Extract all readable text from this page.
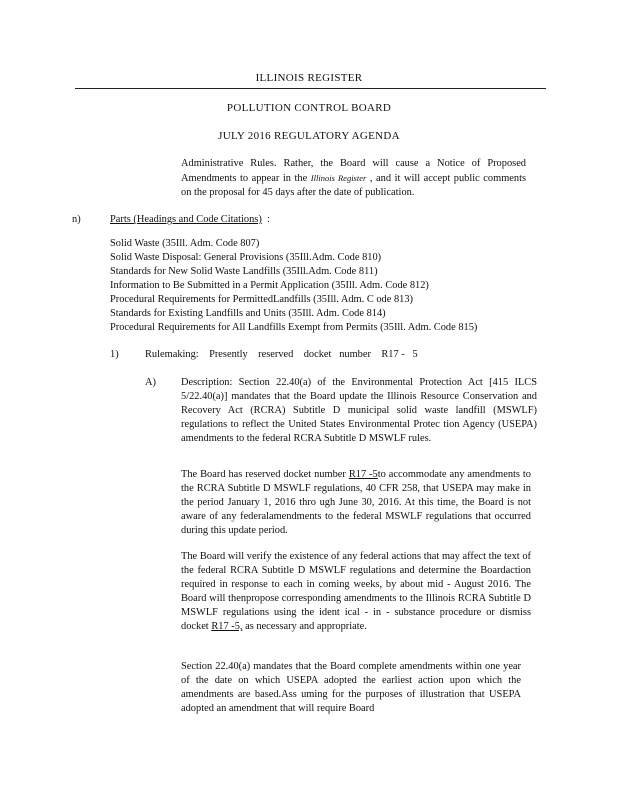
ILLINOIS REGISTER
POLLUTION CONTROL BOARD
JULY 2016 REGULATORY AGENDA
Administrative Rules. Rather, the Board will cause a Notice of Proposed Amendments to appear in the Illinois Register , and it will accept public comments on the proposal for 45 days after the date of publication.
n)	Parts (Headings and Code Citations)  :
Solid Waste (35Ill. Adm. Code 807)
Solid Waste Disposal: General Provisions (35Ill.Adm. Code 810)
Standards for New Solid Waste Landfills (35Ill.Adm. Code 811)
Information to Be Submitted in a Permit Application (35Ill. Adm. Code 812)
Procedural Requirements for PermittedLandfills (35Ill. Adm. C ode 813)
Standards for Existing Landfills and Units (35Ill. Adm. Code 814)
Procedural Requirements for All Landfills Exempt from Permits (35Ill. Adm. Code 815)
1)	Rulemaking:    Presently    reserved    docket   number    R17 -   5
A) Description: Section 22.40(a) of the Environmental Protection Act [415 ILCS 5/22.40(a)] mandates that the Board update the Illinois Resource Conservation and Recovery Act (RCRA) Subtitle D municipal solid waste landfill (MSWLF) regulations to reflect the United States Environmental Protec tion Agency (USEPA) amendments to the federal RCRA Subtitle D MSWLF rules.
The Board has reserved docket number R17 -5to accommodate any amendments to the RCRA Subtitle D MSWLF regulations, 40 CFR 258, that USEPA may make in the period January 1, 2016 thro ugh June 30, 2016. At this time, the Board is not aware of any federalamendments to the federal MSWLF regulations that occurred during this update period.
The Board will verify the existence of any federal actions that may affect the text of the federal RCRA Subtitle D MSWLF regulations and determine the Boardaction required in response to each in coming weeks, by about mid - August 2016. The Board will thenpropose corresponding amendments to the Illinois RCRA Subtitle D MSWLF regulations using the ident ical - in - substance procedure or dismiss docket R17 -5, as necessary and appropriate.
Section 22.40(a) mandates that the Board complete amendments within one year of the date on which USEPA adopted the earliest action upon which the amendments are based.Ass uming for the purposes of illustration that USEPA adopted an amendment that will require Board
